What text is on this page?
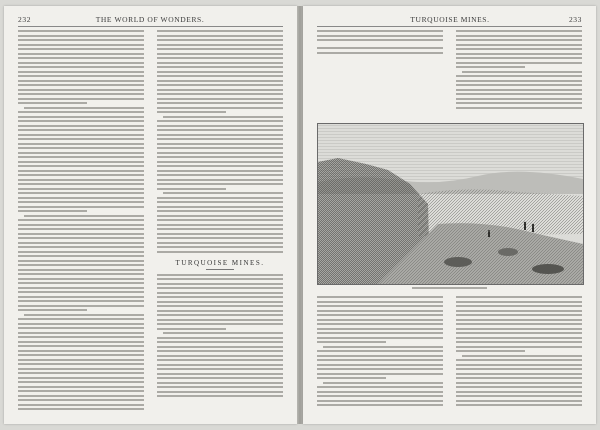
232	THE WORLD OF WONDERS.
TURQUOISE MINES.
TURQUOISE MINES.	233
